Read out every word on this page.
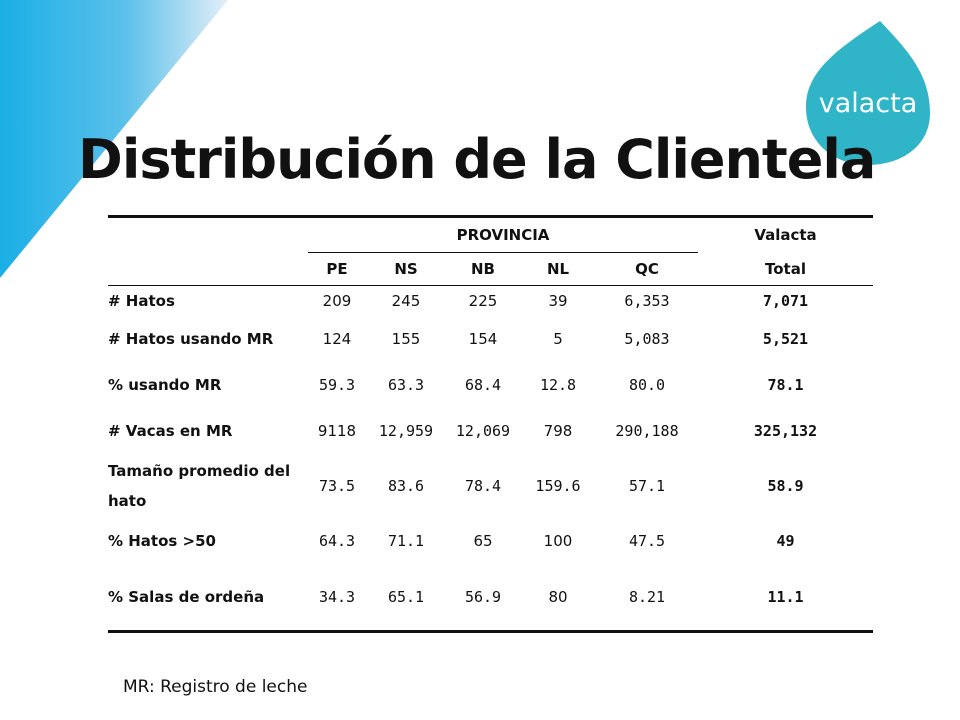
valacta
Distribución de la Clientela
	PROVINCIA					Valacta
	PE	NS	NB	NL	QC	Total
# Hatos	209	245	225	39	6,353	7,071
# Hatos usando MR	124	155	154	5	5,083	5,521
% usando MR	59.3	63.3	68.4	12.8	80.0	78.1
# Vacas en MR	9118	12,959	12,069	798	290,188	325,132
Tamaño promedio del hato	73.5	83.6	78.4	159.6	57.1	58.9
% Hatos >50	64.3	71.1	65	100	47.5	49
% Salas de ordeña	34.3	65.1	56.9	80	8.21	11.1
MR: Registro de leche
